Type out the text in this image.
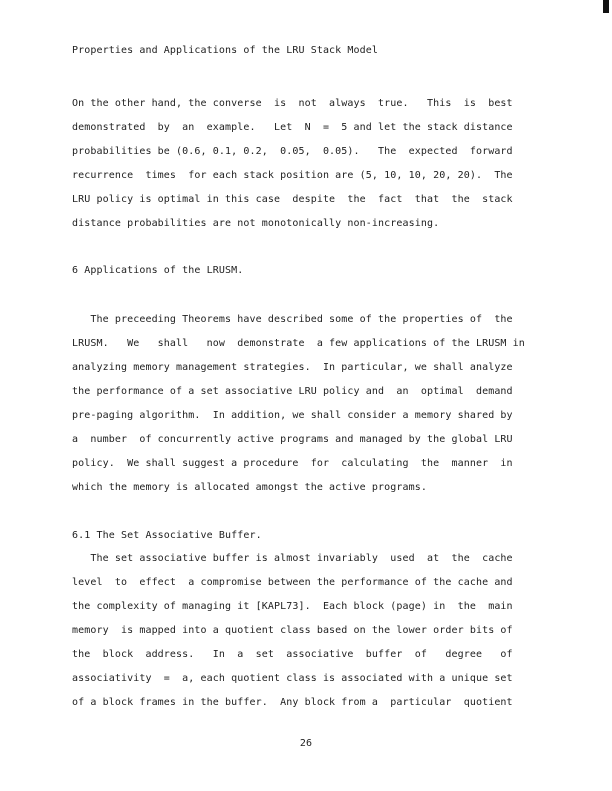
Properties and Applications of the LRU Stack Model
On the other hand, the converse  is  not  always  true.   This  is  best
demonstrated  by  an  example.   Let  N  =  5 and let the stack distance
probabilities be (0.6, 0.1, 0.2,  0.05,  0.05).   The  expected  forward
recurrence  times  for each stack position are (5, 10, 10, 20, 20).  The
LRU policy is optimal in this case  despite  the  fact  that  the  stack
distance probabilities are not monotonically non-increasing.
6 Applications of the LRUSM.
The preceeding Theorems have described some of the properties of  the
LRUSM.   We   shall   now  demonstrate  a few applications of the LRUSM in
analyzing memory management strategies.  In particular, we shall analyze
the performance of a set associative LRU policy and  an  optimal  demand
pre-paging algorithm.  In addition, we shall consider a memory shared by
a  number  of concurrently active programs and managed by the global LRU
policy.  We shall suggest a procedure  for  calculating  the  manner  in
which the memory is allocated amongst the active programs.
6.1 The Set Associative Buffer.
The set associative buffer is almost invariably  used  at  the  cache
level  to  effect  a compromise between the performance of the cache and
the complexity of managing it [KAPL73].  Each block (page) in  the  main
memory  is mapped into a quotient class based on the lower order bits of
the  block  address.   In  a  set  associative  buffer  of   degree   of
associativity  =  a, each quotient class is associated with a unique set
of a block frames in the buffer.  Any block from a  particular  quotient
26
